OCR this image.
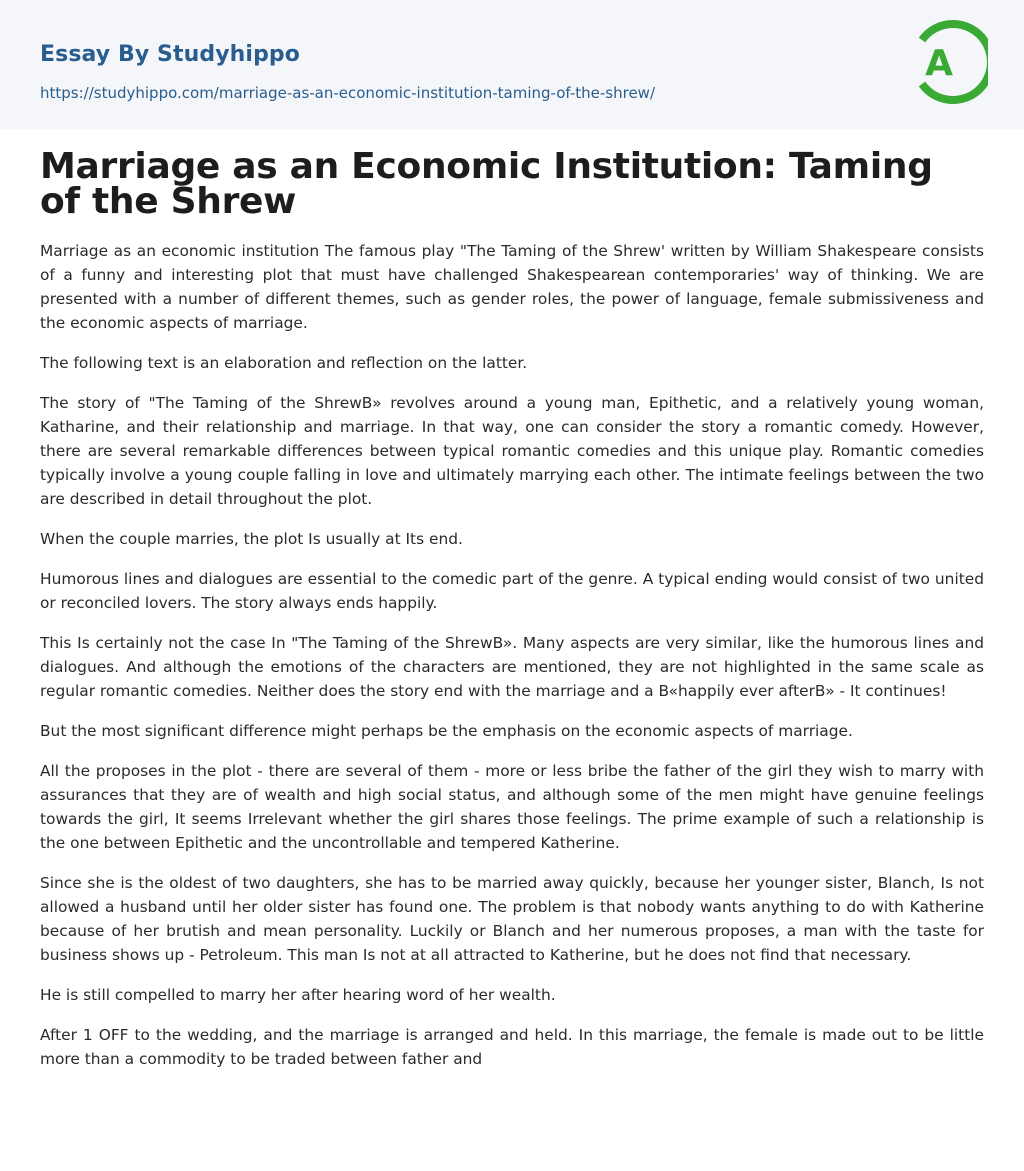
Essay By Studyhippo
https://studyhippo.com/marriage-as-an-economic-institution-taming-of-the-shrew/
A
Marriage as an Economic Institution: Taming of the Shrew

Marriage as an economic institution The famous play "The Taming of the Shrew' written by William Shakespeare consists of a funny and interesting plot that must have challenged Shakespearean contemporaries' way of thinking. We are presented with a number of different themes, such as gender roles, the power of language, female submissiveness and the economic aspects of marriage.

The following text is an elaboration and reflection on the latter.

The story of "The Taming of the ShrewB» revolves around a young man, Epithetic, and a relatively young woman, Katharine, and their relationship and marriage. In that way, one can consider the story a romantic comedy. However, there are several remarkable differences between typical romantic comedies and this unique play. Romantic comedies typically involve a young couple falling in love and ultimately marrying each other. The intimate feelings between the two are described in detail throughout the plot.

When the couple marries, the plot Is usually at Its end.

Humorous lines and dialogues are essential to the comedic part of the genre. A typical ending would consist of two united or reconciled lovers. The story always ends happily.

This Is certainly not the case In "The Taming of the ShrewB». Many aspects are very similar, like the humorous lines and dialogues. And although the emotions of the characters are mentioned, they are not highlighted in the same scale as regular romantic comedies. Neither does the story end with the marriage and a B«happily ever afterB» - It continues!

But the most significant difference might perhaps be the emphasis on the economic aspects of marriage.

All the proposes in the plot - there are several of them - more or less bribe the father of the girl they wish to marry with assurances that they are of wealth and high social status, and although some of the men might have genuine feelings towards the girl, It seems Irrelevant whether the girl shares those feelings. The prime example of such a relationship is the one between Epithetic and the uncontrollable and tempered Katherine.

Since she is the oldest of two daughters, she has to be married away quickly, because her younger sister, Blanch, Is not allowed a husband until her older sister has found one. The problem is that nobody wants anything to do with Katherine because of her brutish and mean personality. Luckily or Blanch and her numerous proposes, a man with the taste for business shows up - Petroleum. This man Is not at all attracted to Katherine, but he does not find that necessary.

He is still compelled to marry her after hearing word of her wealth.

After 1 OFF to the wedding, and the marriage is arranged and held. In this marriage, the female is made out to be little more than a commodity to be traded between father and
